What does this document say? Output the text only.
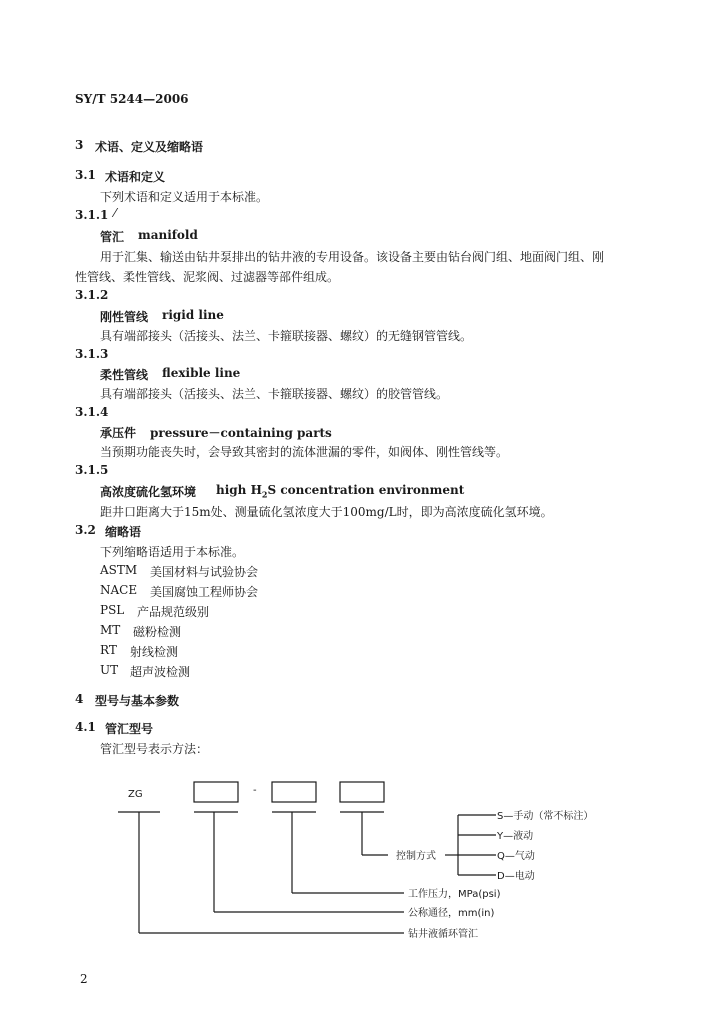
SY/T 5244—2006
3 术语、定义及缩略语
3.1 术语和定义
下列术语和定义适用于本标准。
3.1.1 ⁄
管汇 manifold
用于汇集、输送由钻井泵排出的钻井液的专用设备。该设备主要由钻台阀门组、地面阀门组、刚
性管线、柔性管线、泥浆阀、过滤器等部件组成。
3.1.2
刚性管线 rigid line
具有端部接头（活接头、法兰、卡箍联接器、螺纹）的无缝钢管管线。
3.1.3
柔性管线 flexible line
具有端部接头（活接头、法兰、卡箍联接器、螺纹）的胶管管线。
3.1.4
承压件 pressure－containing parts
当预期功能丧失时，会导致其密封的流体泄漏的零件，如阀体、刚性管线等。
3.1.5
高浓度硫化氢环境 high $H_2S$ concentration environment
距井口距离大于15m处、测量硫化氢浓度大于100mg/L时，即为高浓度硫化氢环境。
3.2 缩略语
下列缩略语适用于本标准。
ASTM 美国材料与试验协会
NACE 美国腐蚀工程师协会
PSL 产品规范级别
MT 磁粉检测
RT 射线检测
UT 超声波检测
4 型号与基本参数
4.1 管汇型号
管汇型号表示方法：
ZG	-
控制方式
S—手动（常不标注）
Y—液动
Q—气动
D—电动
工作压力，MPa(psi)
公称通径，mm(in)
钻井液循环管汇
2
